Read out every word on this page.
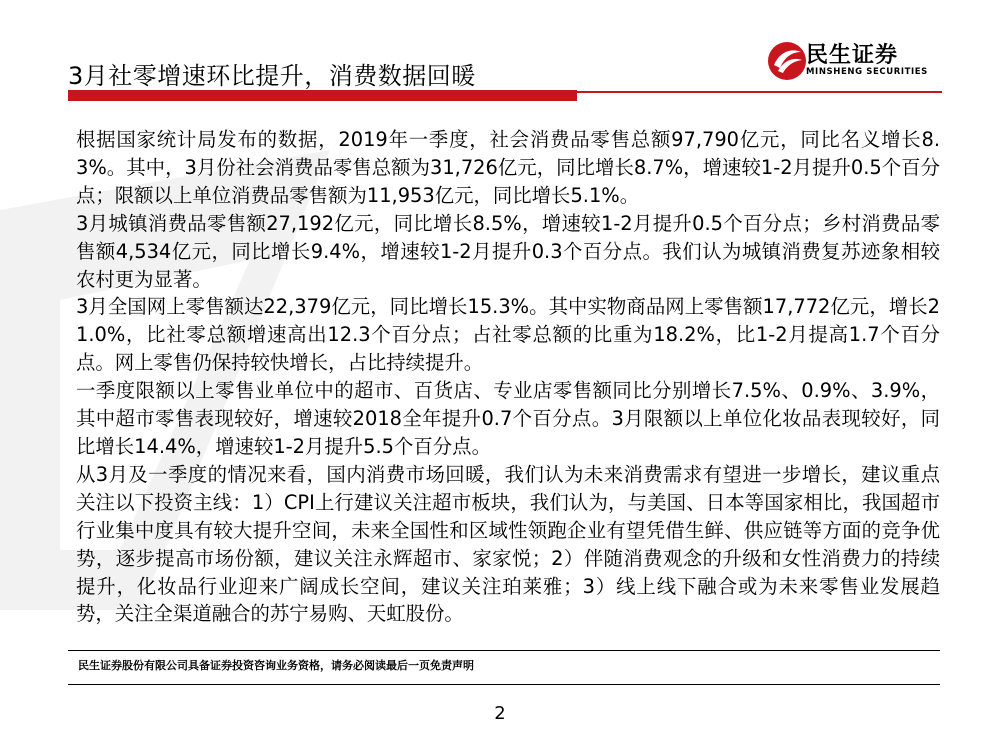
3月社零增速环比提升，消费数据回暖
民生证券
MINSHENG SECURITIES

根据国家统计局发布的数据，2019年一季度，社会消费品零售总额97,790亿元，同比名义增长8.3%。其中，3月份社会消费品零售总额为31,726亿元，同比增长8.7%，增速较1-2月提升0.5个百分点；限额以上单位消费品零售额为11,953亿元，同比增长5.1%。

3月城镇消费品零售额27,192亿元，同比增长8.5%，增速较1-2月提升0.5个百分点；乡村消费品零售额4,534亿元，同比增长9.4%，增速较1-2月提升0.3个百分点。我们认为城镇消费复苏迹象相较农村更为显著。

3月全国网上零售额达22,379亿元，同比增长15.3%。其中实物商品网上零售额17,772亿元，增长21.0%，比社零总额增速高出12.3个百分点；占社零总额的比重为18.2%，比1-2月提高1.7个百分点。网上零售仍保持较快增长，占比持续提升。

一季度限额以上零售业单位中的超市、百货店、专业店零售额同比分别增长7.5%、0.9%、3.9%，其中超市零售表现较好，增速较2018全年提升0.7个百分点。3月限额以上单位化妆品表现较好，同比增长14.4%，增速较1-2月提升5.5个百分点。

从3月及一季度的情况来看，国内消费市场回暖，我们认为未来消费需求有望进一步增长，建议重点关注以下投资主线：1）CPI上行建议关注超市板块，我们认为，与美国、日本等国家相比，我国超市行业集中度具有较大提升空间，未来全国性和区域性领跑企业有望凭借生鲜、供应链等方面的竞争优势，逐步提高市场份额，建议关注永辉超市、家家悦；2）伴随消费观念的升级和女性消费力的持续提升，化妆品行业迎来广阔成长空间，建议关注珀莱雅；3）线上线下融合或为未来零售业发展趋势，关注全渠道融合的苏宁易购、天虹股份。

民生证券股份有限公司具备证券投资咨询业务资格，请务必阅读最后一页免责声明
2
